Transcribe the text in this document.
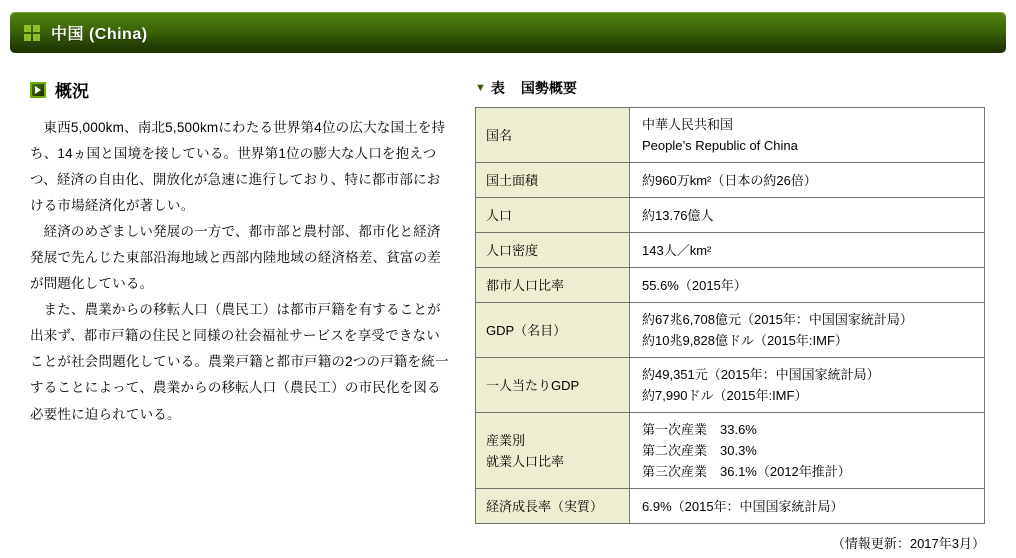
中国 (China)
概況

東西5,000km、南北5,500kmにわたる世界第4位の広大な国土を持ち、14ヵ国と国境を接している。世界第1位の膨大な人口を抱えつつ、経済の自由化、開放化が急速に進行しており、特に都市部における市場経済化が著しい。

経済のめざましい発展の一方で、都市部と農村部、都市化と経済発展で先んじた東部沿海地域と西部内陸地域の経済格差、貧富の差が問題化している。

また、農業からの移転人口（農民工）は都市戸籍を有することが出来ず、都市戸籍の住民と同様の社会福祉サービスを享受できないことが社会問題化している。農業戸籍と都市戸籍の2つの戸籍を統一することによって、農業からの移転人口（農民工）の市民化を図る必要性に迫られている。

▼ 表 国勢概要
国名	中華人民共和国
People’s Republic of China

国土面積	約960万km²（日本の約26倍）

人口	約13.76億人

人口密度	143人／km²

都市人口比率	55.6%（2015年）

GDP（名目）	約67兆6,708億元（2015年：中国国家統計局）
約10兆9,828億ドル（2015年:IMF）

一人当たりGDP	約49,351元（2015年：中国国家統計局）
約7,990ドル（2015年:IMF）

産業別
就業人口比率

第一次産業　33.6%
第二次産業　30.3%
第三次産業　36.1%（2012年推計）

経済成長率（実質）	6.9%（2015年：中国国家統計局）
（情報更新：2017年3月）
